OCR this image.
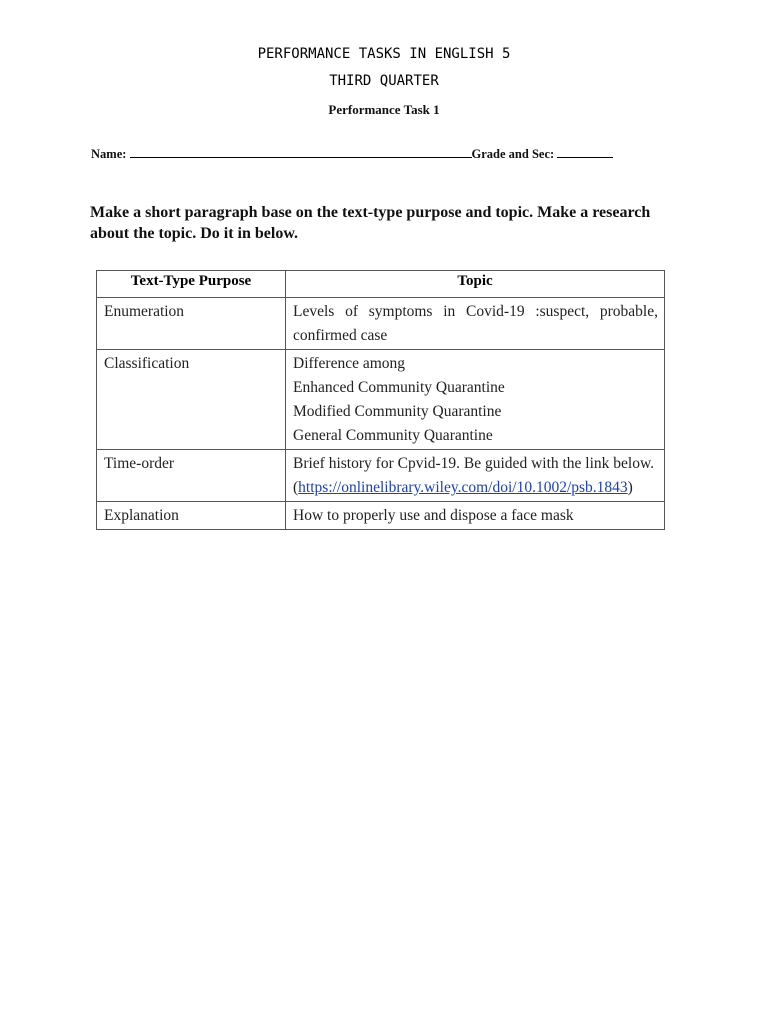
PERFORMANCE TASKS IN ENGLISH 5
THIRD QUARTER
Performance Task 1
Name:	Grade and Sec:
Make a short paragraph base on the text-type purpose and topic. Make a research about the topic. Do it in below.
Text-Type Purpose	Topic
Enumeration	Levels of symptoms in Covid-19 :suspect, probable, confirmed case

Classification	Difference among
Enhanced Community Quarantine
Modified Community Quarantine
General Community Quarantine

Time-order	Brief history for Cpvid-19. Be guided with the link below.
(https://onlinelibrary.wiley.com/doi/10.1002/psb.1843)

Explanation	How to properly use and dispose a face mask
